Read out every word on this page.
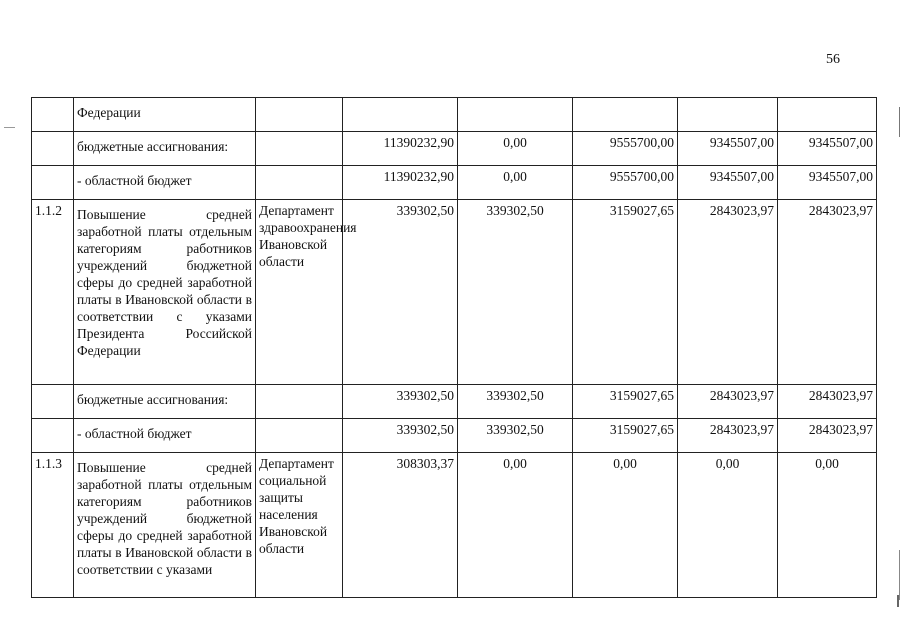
56
	Федерации						
	бюджетные ассигнования:		11390232,90	0,00	9555700,00	9345507,00	9345507,00
	- областной бюджет		11390232,90	0,00	9555700,00	9345507,00	9345507,00
1.1.2	Повышение средней заработной платы отдельным категориям работников учреждений бюджетной сферы до средней заработной платы в Ивановской области в соответствии с указами Президента Российской Федерации	Департамент здравоохранения Ивановской области	339302,50	339302,50	3159027,65	2843023,97	2843023,97
	бюджетные ассигнования:		339302,50	339302,50	3159027,65	2843023,97	2843023,97
	- областной бюджет		339302,50	339302,50	3159027,65	2843023,97	2843023,97
1.1.3	Повышение средней заработной платы отдельным категориям работников учреждений бюджетной сферы до средней заработной платы в Ивановской области в соответствии с указами	Департамент социальной защиты населения Ивановской области	308303,37	0,00	0,00	0,00	0,00
